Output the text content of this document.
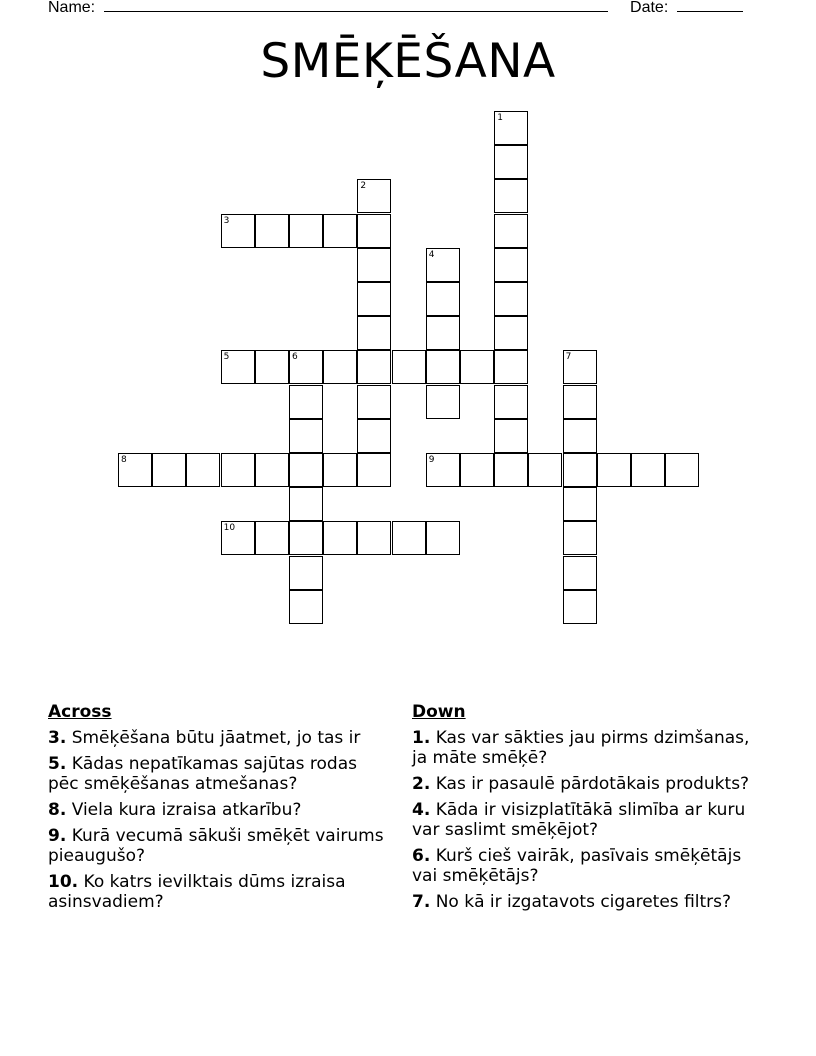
Name:	Date:
SMĒĶĒŠANA
1
2
3
4
5	6	7
8	9
10
Across
3. Smēķēšana būtu jāatmet, jo tas ir
5. Kādas nepatīkamas sajūtas rodas pēc smēķēšanas atmešanas?
8. Viela kura izraisa atkarību?
9. Kurā vecumā sākuši smēķēt vairums pieaugušo?
10. Ko katrs ievilktais dūms izraisa asinsvadiem?
Down
1. Kas var sākties jau pirms dzimšanas, ja māte smēķē?
2. Kas ir pasaulē pārdotākais produkts?
4. Kāda ir visizplatītākā slimība ar kuru var saslimt smēķējot?
6. Kurš cieš vairāk, pasīvais smēķētājs vai smēķētājs?
7. No kā ir izgatavots cigaretes filtrs?
